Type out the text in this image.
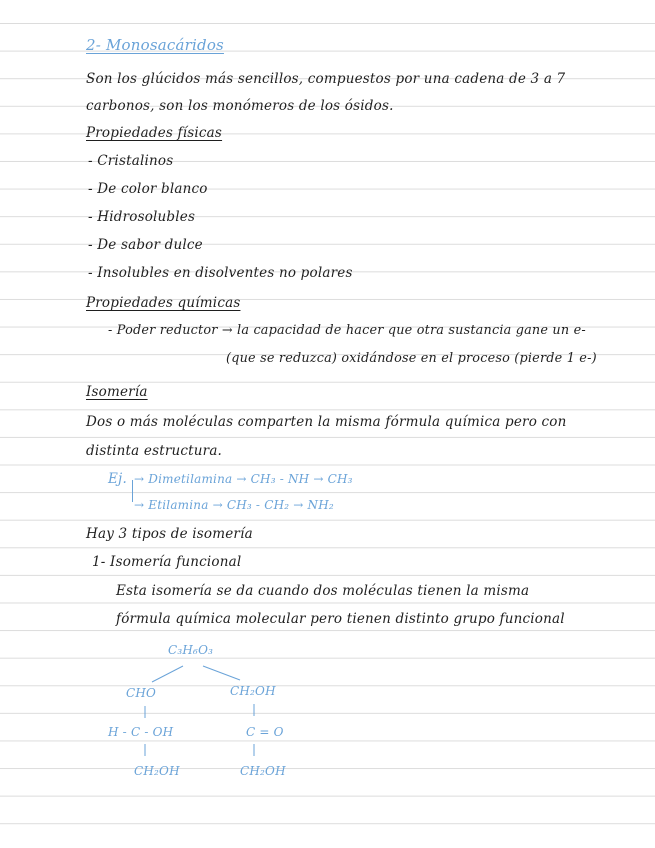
2- Monosacáridos
Son los glúcidos más sencillos, compuestos por una cadena de 3 a 7
carbonos, son los monómeros de los ósidos.
Propiedades físicas
- Cristalinos
- De color blanco
- Hidrosolubles
- De sabor dulce
- Insolubles en disolventes no polares
Propiedades químicas
- Poder reductor → la capacidad de hacer que otra sustancia gane un e-
(que se reduzca) oxidándose en el proceso (pierde 1 e-)
Isomería
Dos o más moléculas comparten la misma fórmula química pero con
distinta estructura.
Ej. → Dimetilamina → CH₃ - NH → CH₃
→ Etilamina → CH₃ - CH₂ → NH₂
Hay 3 tipos de isomería
1- Isomería funcional
Esta isomería se da cuando dos moléculas tienen la misma
fórmula química molecular pero tienen distinto grupo funcional
C₃H₆O₃
CHO
H - C - OH
CH₂OH
CH₂OH
C = O
CH₂OH
